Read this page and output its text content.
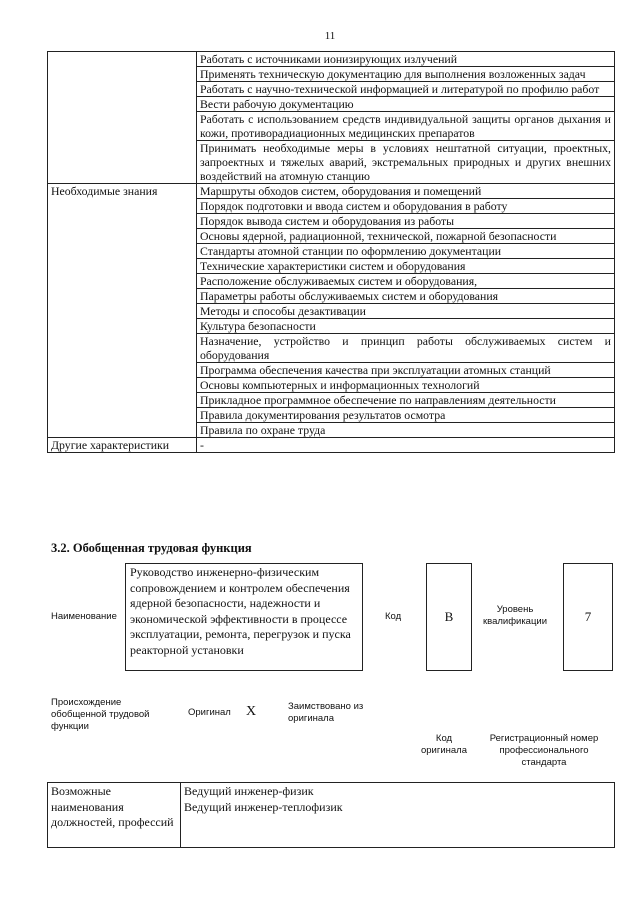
11
	Работать с источниками ионизирующих излучений
	Применять техническую документацию для выполнения возложенных задач
	Работать с научно-технической информацией и литературой по профилю работ
	Вести рабочую документацию
	Работать с использованием средств индивидуальной защиты органов дыхания и кожи, противорадиационных медицинских препаратов
	Принимать необходимые меры в условиях нештатной ситуации, проектных, запроектных и тяжелых аварий, экстремальных природных и других внешних воздействий на атомную станцию
Необходимые знания	Маршруты обходов систем, оборудования и помещений
	Порядок подготовки и ввода систем и оборудования в работу
	Порядок вывода систем и оборудования из работы
	Основы ядерной, радиационной, технической, пожарной безопасности
	Стандарты атомной станции по оформлению документации
	Технические характеристики систем и оборудования
	Расположение обслуживаемых систем и оборудования,
	Параметры работы обслуживаемых систем и оборудования
	Методы и способы дезактивации
	Культура безопасности
	Назначение, устройство и принцип работы обслуживаемых систем и оборудования
	Программа обеспечения качества при эксплуатации атомных станций
	Основы компьютерных и информационных технологий
	Прикладное программное обеспечение по направлениям деятельности
	Правила документирования результатов осмотра
	Правила по охране труда
Другие характеристики	-
3.2. Обобщенная трудовая функция
Наименование
Руководство инженерно-физическим сопровождением и контролем обеспечения ядерной безопасности, надежности и экономической эффективности в процессе эксплуатации, ремонта, перегрузок и пуска реакторной установки
Код	B	Уровень квалификации	7
Происхождение обобщенной трудовой функции
Оригинал X	Заимствовано из оригинала
Код оригинала
Регистрационный номер профессионального стандарта
Возможные наименования должностей, профессий	
Ведущий инженер-физик
Ведущий инженер-теплофизик
